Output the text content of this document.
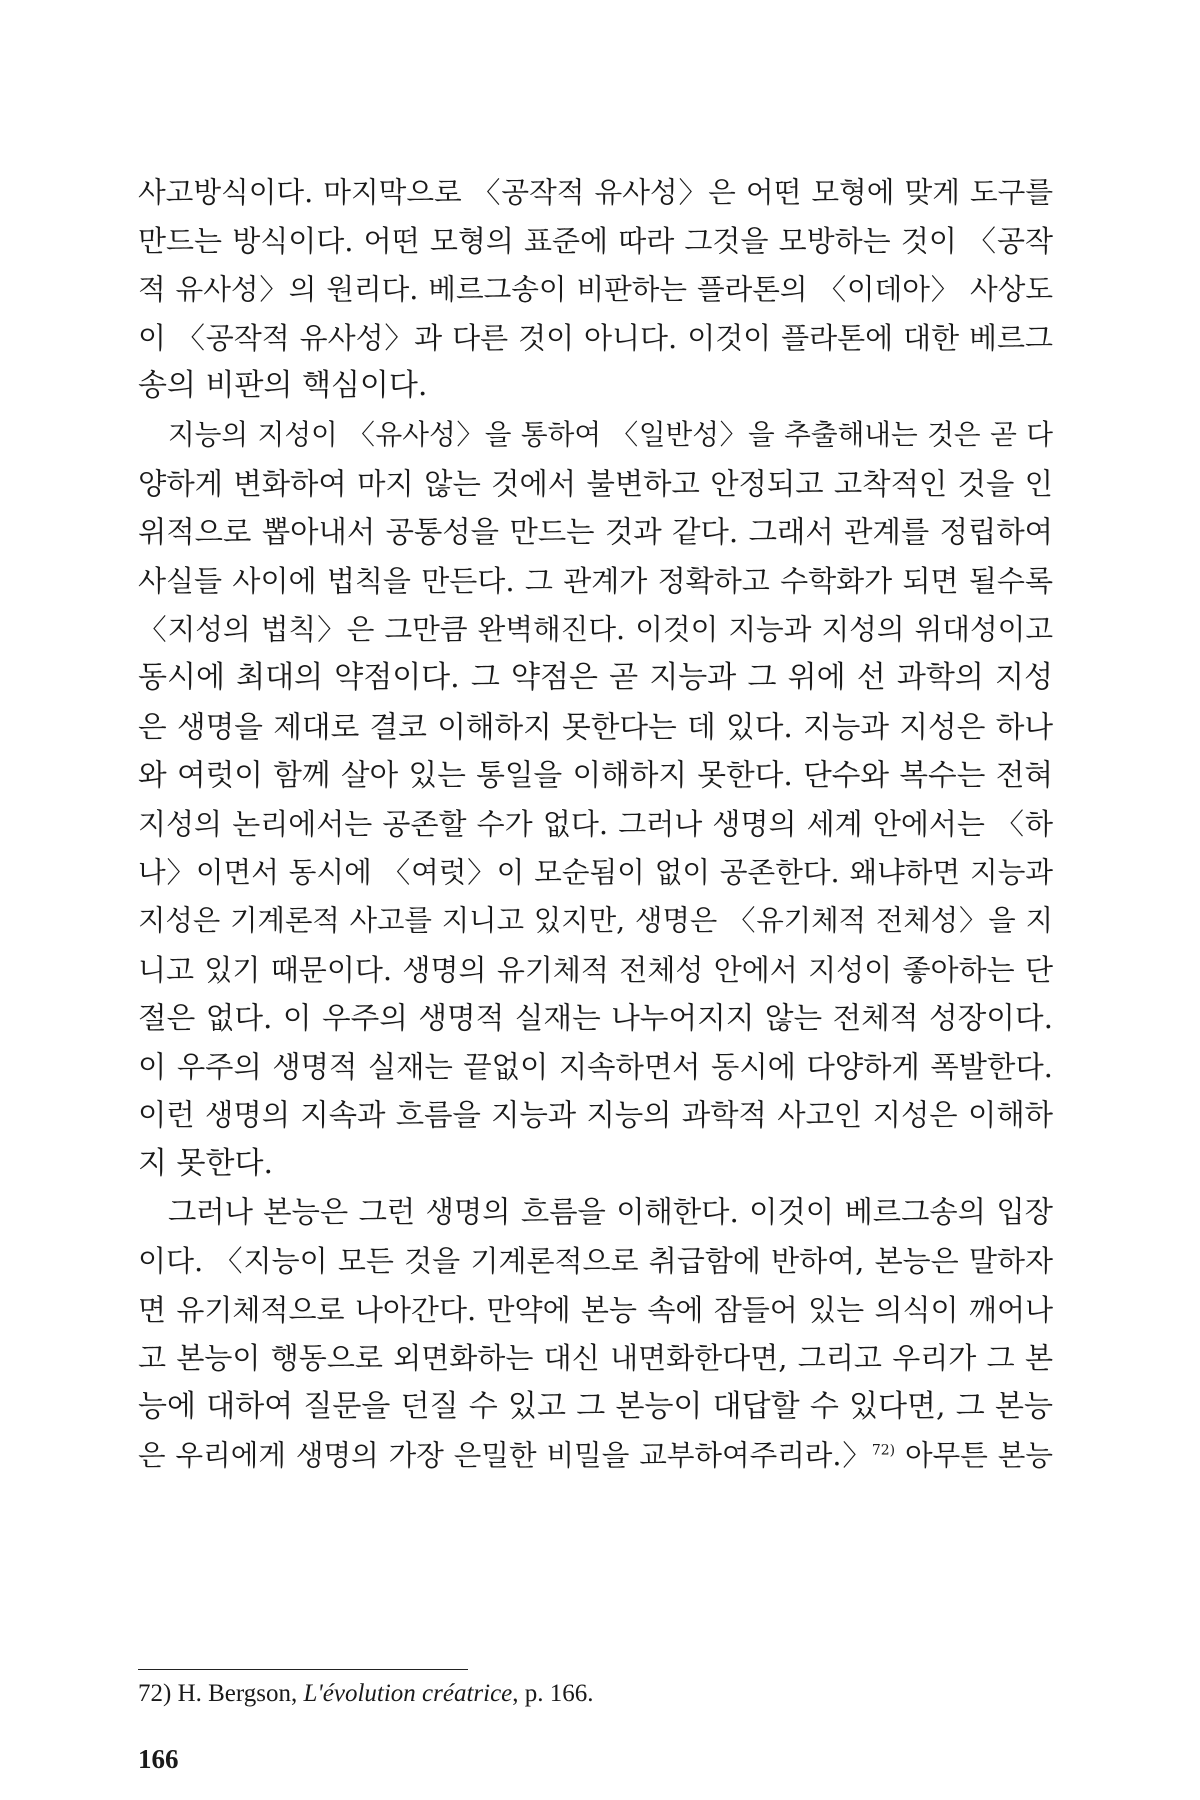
사고방식이다. 마지막으로 〈공작적 유사성〉은 어떤 모형에 맞게 도구를
만드는 방식이다. 어떤 모형의 표준에 따라 그것을 모방하는 것이 〈공작
적 유사성〉의 원리다. 베르그송이 비판하는 플라톤의 〈이데아〉 사상도
이 〈공작적 유사성〉과 다른 것이 아니다. 이것이 플라톤에 대한 베르그
송의 비판의 핵심이다.
지능의 지성이 〈유사성〉을 통하여 〈일반성〉을 추출해내는 것은 곧 다
양하게 변화하여 마지 않는 것에서 불변하고 안정되고 고착적인 것을 인
위적으로 뽑아내서 공통성을 만드는 것과 같다. 그래서 관계를 정립하여
사실들 사이에 법칙을 만든다. 그 관계가 정확하고 수학화가 되면 될수록
〈지성의 법칙〉은 그만큼 완벽해진다. 이것이 지능과 지성의 위대성이고
동시에 최대의 약점이다. 그 약점은 곧 지능과 그 위에 선 과학의 지성
은 생명을 제대로 결코 이해하지 못한다는 데 있다. 지능과 지성은 하나
와 여럿이 함께 살아 있는 통일을 이해하지 못한다. 단수와 복수는 전혀
지성의 논리에서는 공존할 수가 없다. 그러나 생명의 세계 안에서는 〈하
나〉이면서 동시에 〈여럿〉이 모순됨이 없이 공존한다. 왜냐하면 지능과
지성은 기계론적 사고를 지니고 있지만, 생명은 〈유기체적 전체성〉을 지
니고 있기 때문이다. 생명의 유기체적 전체성 안에서 지성이 좋아하는 단
절은 없다. 이 우주의 생명적 실재는 나누어지지 않는 전체적 성장이다.
이 우주의 생명적 실재는 끝없이 지속하면서 동시에 다양하게 폭발한다.
이런 생명의 지속과 흐름을 지능과 지능의 과학적 사고인 지성은 이해하
지 못한다.
그러나 본능은 그런 생명의 흐름을 이해한다. 이것이 베르그송의 입장
이다. 〈지능이 모든 것을 기계론적으로 취급함에 반하여, 본능은 말하자
면 유기체적으로 나아간다. 만약에 본능 속에 잠들어 있는 의식이 깨어나
고 본능이 행동으로 외면화하는 대신 내면화한다면, 그리고 우리가 그 본
능에 대하여 질문을 던질 수 있고 그 본능이 대답할 수 있다면, 그 본능
은 우리에게 생명의 가장 은밀한 비밀을 교부하여주리라.〉$^{72)}$ 아무튼 본능
72) H. Bergson, L'évolution créatrice, p. 166.
166
